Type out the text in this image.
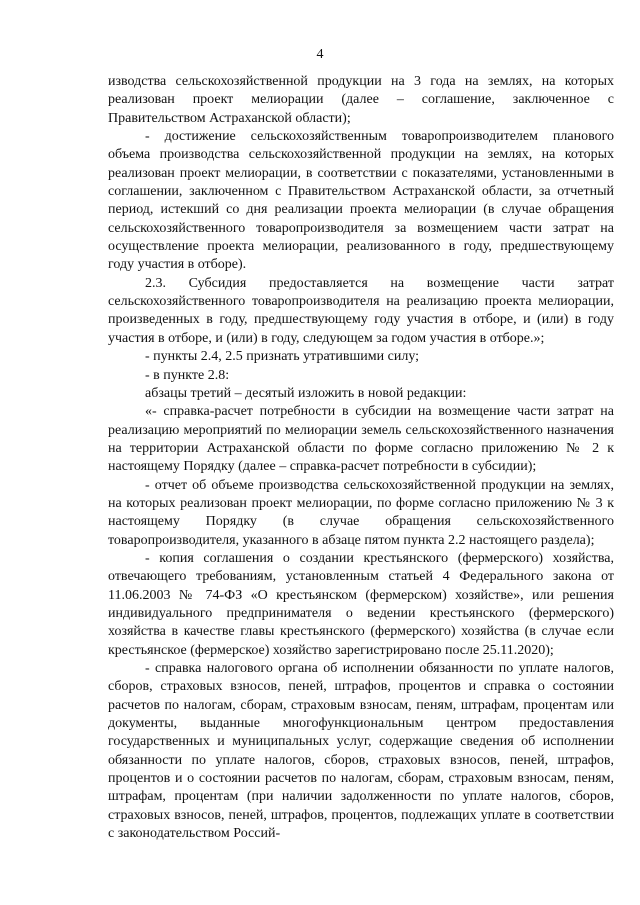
4

изводства сельскохозяйственной продукции на 3 года на землях, на которых реализован проект мелиорации (далее – соглашение, заключенное с Правительством Астраханской области);

- достижение сельскохозяйственным товаропроизводителем планового объема производства сельскохозяйственной продукции на землях, на которых реализован проект мелиорации, в соответствии с показателями, установленными в соглашении, заключенном с Правительством Астраханской области, за отчетный период, истекший со дня реализации проекта мелиорации (в случае обращения сельскохозяйственного товаропроизводителя за возмещением части затрат на осуществление проекта мелиорации, реализованного в году, предшествующему году участия в отборе).

2.3. Субсидия предоставляется на возмещение части затрат сельскохозяйственного товаропроизводителя на реализацию проекта мелиорации, произведенных в году, предшествующему году участия в отборе, и (или) в году участия в отборе, и (или) в году, следующем за годом участия в отборе.»;

- пункты 2.4, 2.5 признать утратившими силу;

- в пункте 2.8:

абзацы третий – десятый изложить в новой редакции:

«- справка-расчет потребности в субсидии на возмещение части затрат на реализацию мероприятий по мелиорации земель сельскохозяйственного назначения на территории Астраханской области по форме согласно приложению № 2 к настоящему Порядку (далее – справка-расчет потребности в субсидии);

- отчет об объеме производства сельскохозяйственной продукции на землях, на которых реализован проект мелиорации, по форме согласно приложению № 3 к настоящему Порядку (в случае обращения сельскохозяйственного товаропроизводителя, указанного в абзаце пятом пункта 2.2 настоящего раздела);

- копия соглашения о создании крестьянского (фермерского) хозяйства, отвечающего требованиям, установленным статьей 4 Федерального закона от 11.06.2003 № 74-ФЗ «О крестьянском (фермерском) хозяйстве», или решения индивидуального предпринимателя о ведении крестьянского (фермерского) хозяйства в качестве главы крестьянского (фермерского) хозяйства (в случае если крестьянское (фермерское) хозяйство зарегистрировано после 25.11.2020);

- справка налогового органа об исполнении обязанности по уплате налогов, сборов, страховых взносов, пеней, штрафов, процентов и справка о состоянии расчетов по налогам, сборам, страховым взносам, пеням, штрафам, процентам или документы, выданные многофункциональным центром предоставления государственных и муниципальных услуг, содержащие сведения об исполнении обязанности по уплате налогов, сборов, страховых взносов, пеней, штрафов, процентов и о состоянии расчетов по налогам, сборам, страховым взносам, пеням, штрафам, процентам (при наличии задолженности по уплате налогов, сборов, страховых взносов, пеней, штрафов, процентов, подлежащих уплате в соответствии с законодательством Россий-
